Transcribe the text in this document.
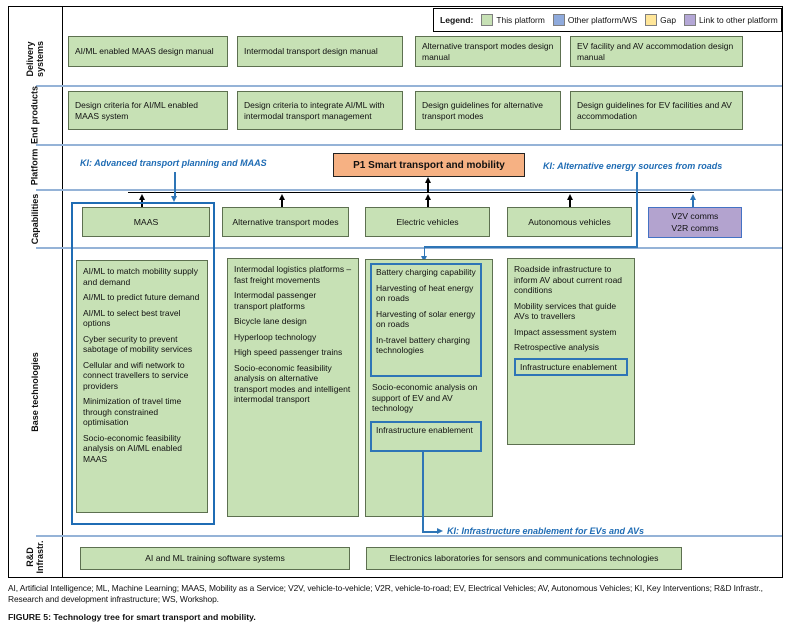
Legend:	This platform	Other platform/WS	Gap	Link to other platform
Delivery systems
End products
Platform
Capabilities
Base technologies
R&D Infrastr.
AI/ML enabled MAAS design manual	Intermodal transport design manual
Alternative transport modes design manual
EV facility and AV accommodation design manual
Design criteria for AI/ML enabled MAAS system
Design criteria to integrate AI/ML with intermodal transport management
Design guidelines for alternative transport modes
Design guidelines for EV facilities and AV accommodation
KI: Advanced transport planning and MAAS	P1 Smart transport and mobility	KI: Alternative energy sources from roads
MAAS	Alternative transport modes	Electric vehicles	Autonomous vehicles
V2V comms
V2R comms

AI/ML to match mobility supply and demand

AI/ML to predict future demand

AI/ML to select best travel options

Cyber security to prevent sabotage of mobility services

Cellular and wifi network to connect travellers to service providers

Minimization of travel time through constrained optimisation

Socio-economic feasibility analysis on AI/ML enabled MAAS

Intermodal logistics platforms – fast freight movements

Intermodal passenger transport platforms

Bicycle lane design

Hyperloop technology

High speed passenger trains

Socio-economic feasibility analysis on alternative transport modes and intelligent intermodal transport

Battery charging capability

Harvesting of heat energy on roads

Harvesting of solar energy on roads

In-travel battery charging technologies

Socio-economic analysis on support of EV and AV technology
Infrastructure enablement

Roadside infrastructure to inform AV about current road conditions

Mobility services that guide AVs to travellers

Impact assessment system

Retrospective analysis

Infrastructure enablement
KI: Infrastructure enablement for EVs and AVs
AI and ML training software systems	Electronics laboratories for sensors and communications technologies
AI, Artificial Intelligence; ML, Machine Learning; MAAS, Mobility as a Service; V2V, vehicle-to-vehicle; V2R, vehicle-to-road; EV, Electrical Vehicles; AV, Autonomous Vehicles; KI, Key Interventions; R&D Infrastr., Research and development infrastructure; WS, Workshop.
FIGURE 5: Technology tree for smart transport and mobility.
